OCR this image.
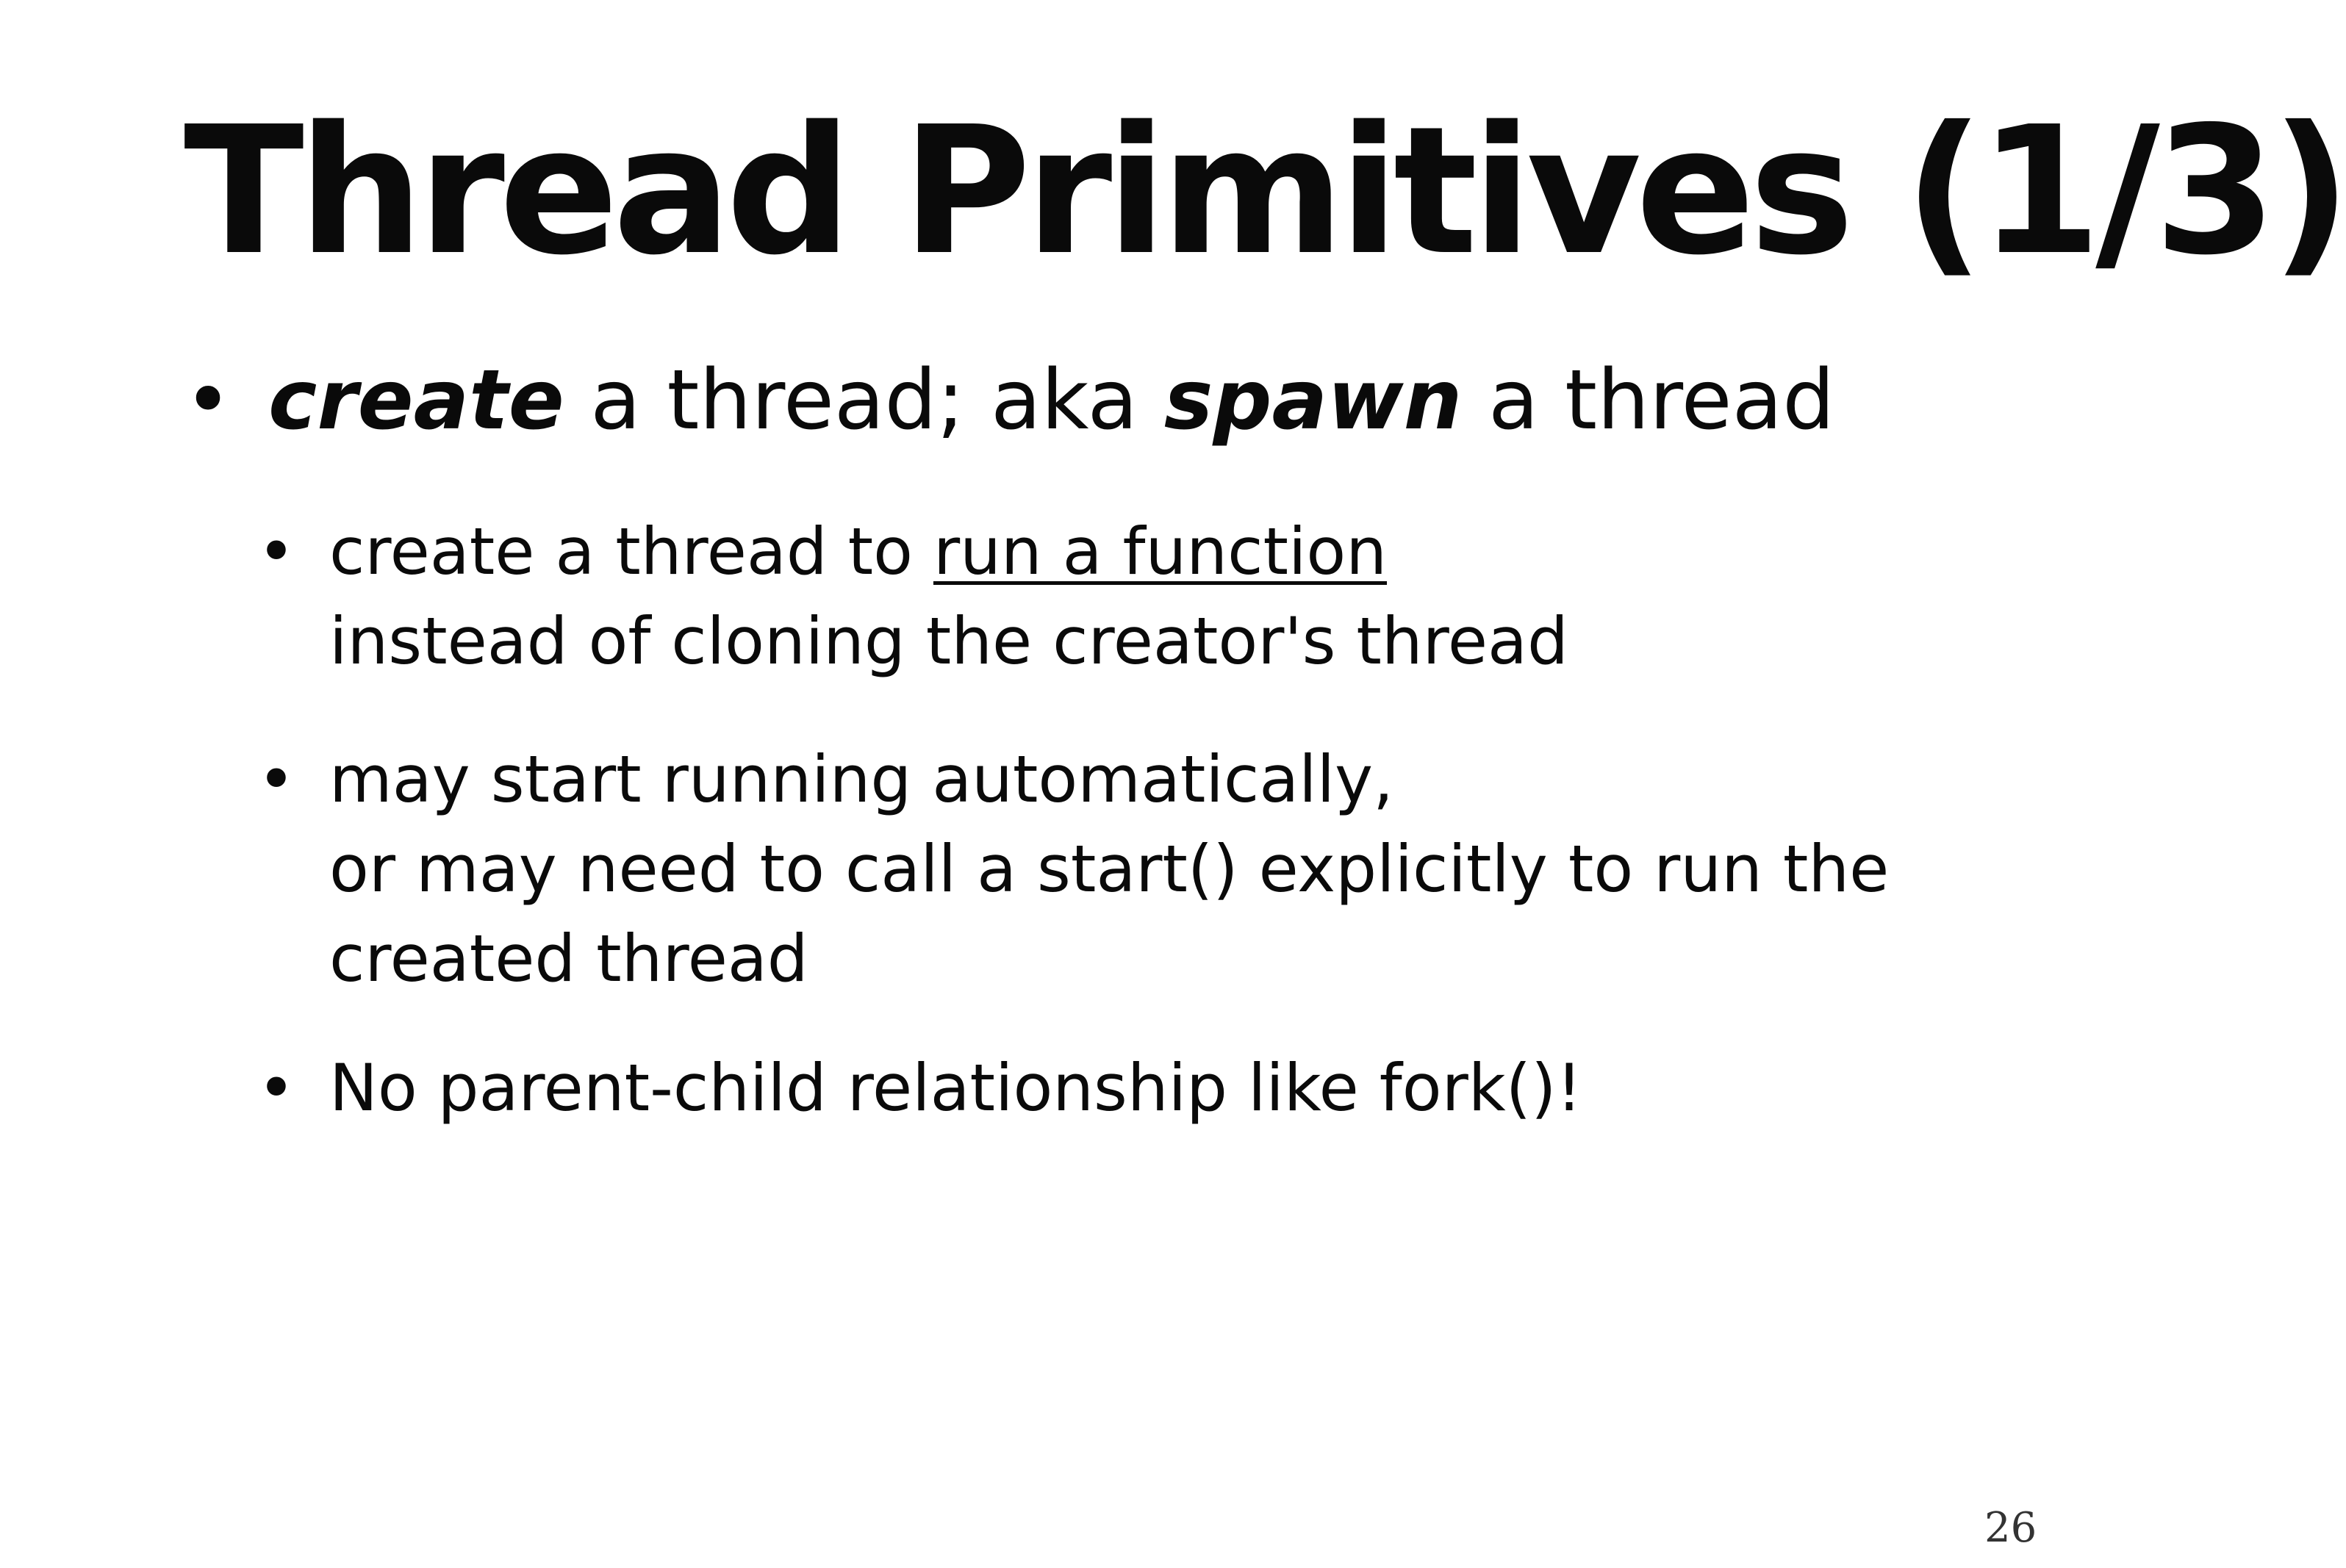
Thread Primitives (1/3)
• create a thread; aka spawn a thread
• create a thread to run a function
instead of cloning the creator's thread
• may start running automatically,
or may need to call a start() explicitly to run the
created thread
• No parent-child relationship like fork()!
26
